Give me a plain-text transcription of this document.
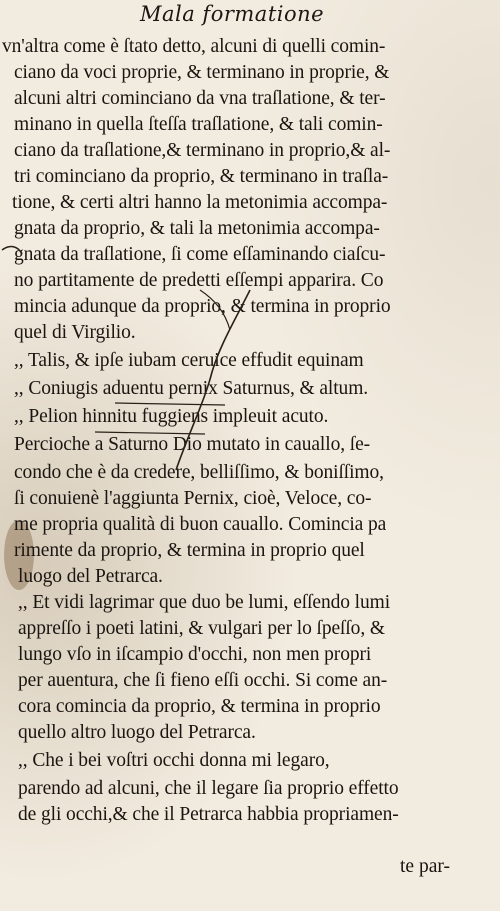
Mala formatione
vn'altra come è ſtato detto, alcuni di quelli comin-
ciano da voci proprie, & terminano in proprie, &
alcuni altri cominciano da vna traſlatione, & ter-
minano in quella ſteſſa traſlatione, & tali comin-
ciano da traſlatione,& terminano in proprio,& al-
tri cominciano da proprio, & terminano in traſla-
tione, & certi altri hanno la metonimia accompa-
gnata da proprio, & tali la metonimia accompa-
gnata da traſlatione, ſi come eſſaminando ciaſcu-
no partitamente de predetti eſſempi apparira. Co
mincia adunque da proprio, & termina in proprio
quel di Virgilio.
,, Talis, & ipſe iubam ceruice effudit equinam
,, Coniugis aduentu pernix Saturnus, & altum.
,, Pelion hinnitu fuggiens impleuit acuto.
Percioche a Saturno Dio mutato in cauallo, ſe-
condo che è da credere, belliſſimo, & boniſſimo,
ſi conuienè l'aggiunta Pernix, cioè, Veloce, co-
me propria qualità di buon cauallo. Comincia pa
rimente da proprio, & termina in proprio quel
luogo del Petrarca.
,, Et vidi lagrimar que duo be lumi, eſſendo lumi
appreſſo i poeti latini, & vulgari per lo ſpeſſo, &
lungo vſo in iſcampio d'occhi, non men propri
per auentura, che ſi fieno eſſi occhi. Si come an-
cora comincia da proprio, & termina in proprio
quello altro luogo del Petrarca.
,, Che i bei voſtri occhi donna mi legaro,
parendo ad alcuni, che il legare ſia proprio effetto
de gli occhi,& che il Petrarca habbia propriamen-
te par-
